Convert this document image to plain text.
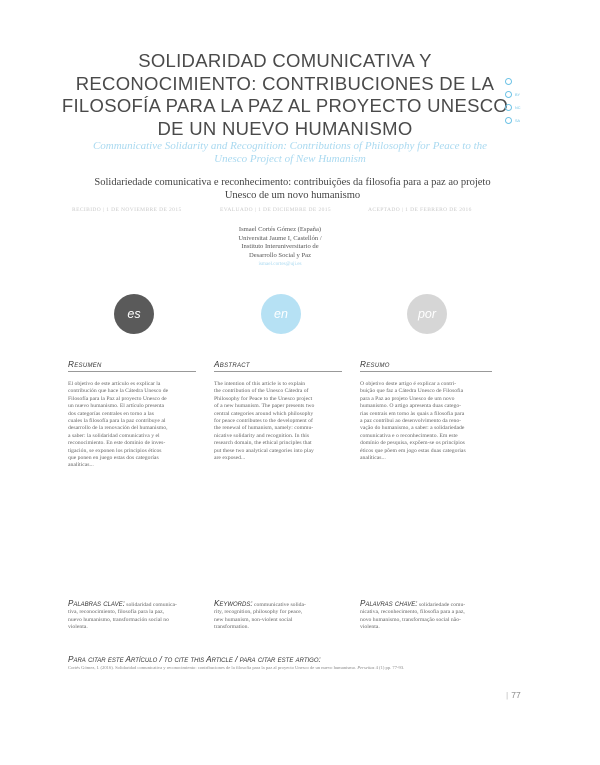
SOLIDARIDAD COMUNICATIVA Y
RECONOCIMIENTO: CONTRIBUCIONES DE LA
FILOSOFÍA PARA LA PAZ AL PROYECTO UNESCO
DE UN NUEVO HUMANISMO
Communicative Solidarity and Recognition: Contributions of Philosophy for Peace to the
Unesco Project of New Humanism
Solidariedade comunicativa e reconhecimento: contribuições da filosofia para a paz ao projeto
Unesco de um novo humanismo
RECIBIDO | 1 DE NOVIEMBRE DE 2015	EVALUADO | 1 DE DICIEMBRE DE 2015	ACEPTADO | 1 DE FEBRERO DE 2016
Ismael Cortés Gómez (España)
Universitat Jaume I, Castellón /
Instituto Interuniversitario de
Desarrollo Social y Paz
ismael.cortes@uji.es
BY
NC
SA
es	en	por
Resumen
El objetivo de este artículo es explicar la
contribución que hace la Cátedra Unesco de
Filosofía para la Paz al proyecto Unesco de
un nuevo humanismo. El artículo presenta
dos categorías centrales en torno a las
cuales la filosofía para la paz contribuye al
desarrollo de la renovación del humanismo,
a saber: la solidaridad comunicativa y el
reconocimiento. En este dominio de inves-
tigación, se exponen los principios éticos
que ponen en juego estas dos categorías
analíticas...
Abstract
The intention of this article is to explain
the contribution of the Unesco Cátedra of
Philosophy for Peace to the Unesco project
of a new humanism. The paper presents two
central categories around which philosophy
for peace contributes to the development of
the renewal of humanism, namely: commu-
nicative solidarity and recognition. In this
research domain, the ethical principles that
put these two analytical categories into play
are exposed...
Resumo
O objetivo deste artigo é explicar a contri-
buição que faz a Cátedra Unesco de Filosofia
para a Paz ao projeto Unesco de um novo
humanismo. O artigo apresenta duas catego-
rias centrais em torno às quais a filosofia para
a paz contribui ao desenvolvimento da reno-
vação do humanismo, a saber: a solidariedade
comunicativa e o reconhecimento. Em este
domínio de pesquisa, expõem-se os princípios
éticos que põem em jogo estas duas categorias
analíticas...
Palabras clave: solidaridad comunica-
tiva, reconocimiento, filosofía para la paz,
nuevo humanismo, transformación social no
violenta.
Keywords: communicative solida-
rity, recognition, philosophy for peace,
new humanism, non-violent social
transformation.
Palavras chave: solidariedade comu-
nicativa, reconhecimento, filosofia para a paz,
novo humanismo, transformação social não-
violenta.
Para citar este Artículo / to cite this Article / para citar este artigo:
Cortés Gómez, I. (2016). Solidaridad comunicativa y reconocimiento: contribuciones de la filosofía para la paz al proyecto Unesco de un nuevo humanismo. Perseitas 4 (1) pp. 77-93.
| 77
